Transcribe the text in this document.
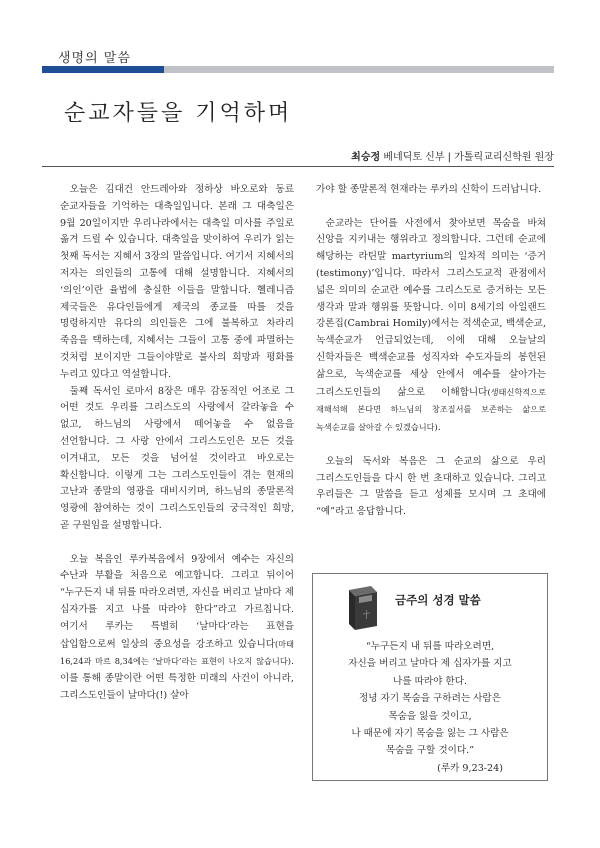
생명의 말씀
순교자들을 기억하며
최승정 베네딕토 신부 | 가톨릭교리신학원 원장

오늘은 김대건 안드레아와 정하상 바오로와 동료 순교자들을 기억하는 대축일입니다. 본래 그 대축일은 9월 20일이지만 우리나라에서는 대축일 미사를 주일로 옮겨 드릴 수 있습니다. 대축일을 맞이하여 우리가 읽는 첫째 독서는 지혜서 3장의 말씀입니다. 여기서 지혜서의 저자는 의인들의 고통에 대해 설명합니다. 지혜서의 ‘의인’이란 율법에 충실한 이들을 말합니다. 헬레니즘 제국들은 유다인들에게 제국의 종교를 따를 것을 명령하지만 유다의 의인들은 그에 불복하고 차라리 죽음을 택하는데, 지혜서는 그들이 고통 중에 파멸하는 것처럼 보이지만 그들이야말로 불사의 희망과 평화를 누리고 있다고 역설합니다.

둘째 독서인 로마서 8장은 매우 감동적인 어조로 그 어떤 것도 우리를 그리스도의 사랑에서 갈라놓을 수 없고, 하느님의 사랑에서 떼어놓을 수 없음을 선언합니다. 그 사랑 안에서 그리스도인은 모든 것을 이겨내고, 모든 것을 넘어설 것이라고 바오로는 확신합니다. 이렇게 그는 그리스도인들이 겪는 현재의 고난과 종말의 영광을 대비시키며, 하느님의 종말론적 영광에 참여하는 것이 그리스도인들의 궁극적인 희망, 곧 구원임을 설명합니다.

오늘 복음인 루카복음에서 9장에서 예수는 자신의 수난과 부활을 처음으로 예고합니다. 그리고 뒤이어 “누구든지 내 뒤를 따라오려면, 자신을 버리고 날마다 제 십자가를 지고 나를 따라야 한다”라고 가르칩니다. 여기서 루카는 특별히 ‘날마다’라는 표현을 삽입함으로써 일상의 중요성을 강조하고 있습니다(마태 16,24과 마르 8,34에는 ‘날마다’라는 표현이 나오지 않습니다). 이를 통해 종말이란 어떤 특정한 미래의 사건이 아니라, 그리스도인들이 날마다(!) 살아

가야 할 종말론적 현재라는 루카의 신학이 드러납니다.

순교라는 단어를 사전에서 찾아보면 목숨을 바쳐 신앙을 지키내는 행위라고 정의합니다. 그런데 순교에 해당하는 라틴말 martyrium의 일차적 의미는 ‘증거(testimony)’입니다. 따라서 그리스도교적 관점에서 넓은 의미의 순교란 예수를 그리스도로 증거하는 모든 생각과 말과 행위를 뜻합니다. 이미 8세기의 아일랜드 강론집(Cambrai Homily)에서는 적색순교, 백색순교, 녹색순교가 언급되었는데, 이에 대해 오늘날의 신학자들은 백색순교를 성직자와 수도자들의 봉헌된 삶으로, 녹색순교를 세상 안에서 예수를 살아가는 그리스도인들의 삶으로 이해합니다(생태신학적으로 재해석해 본다면 하느님의 창조질서를 보존하는 삶으로 녹색순교를 살아갈 수 있겠습니다).

오늘의 독서와 복음은 그 순교의 삶으로 우리 그리스도인들을 다시 한 번 초대하고 있습니다. 그리고 우리들은 그 말씀을 듣고 성체를 모시며 그 초대에 “예”라고 응답합니다.

금주의 성경 말씀
“누구든지 내 뒤를 따라오려면,
자신을 버리고 날마다 제 십자가를 지고
나를 따라야 한다.
정녕 자기 목숨을 구하려는 사람은
목숨을 잃을 것이고,
나 때문에 자기 목숨을 잃는 그 사람은
목숨을 구할 것이다.”
(루카 9,23-24)
